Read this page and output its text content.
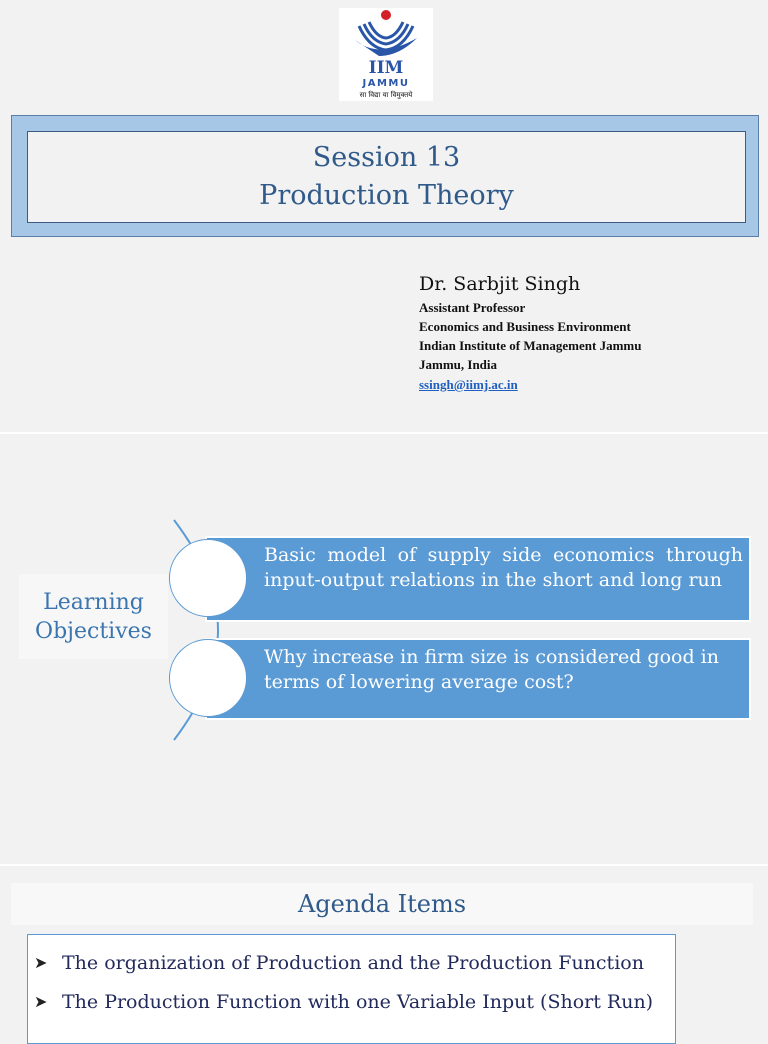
IIM
JAMMU
सा विद्या या विमुक्तये
Session 13
Production Theory
Dr. Sarbjit Singh
Assistant Professor
Economics and Business Environment
Indian Institute of Management Jammu
Jammu, India
ssingh@iimj.ac.in
Learning
Objectives
Basic model of supply side economics through input-output relations in the short and long run
Why increase in firm size is considered good in terms of lowering average cost?
Agenda Items
➤ The organization of Production and the Production Function
➤ The Production Function with one Variable Input (Short Run)
